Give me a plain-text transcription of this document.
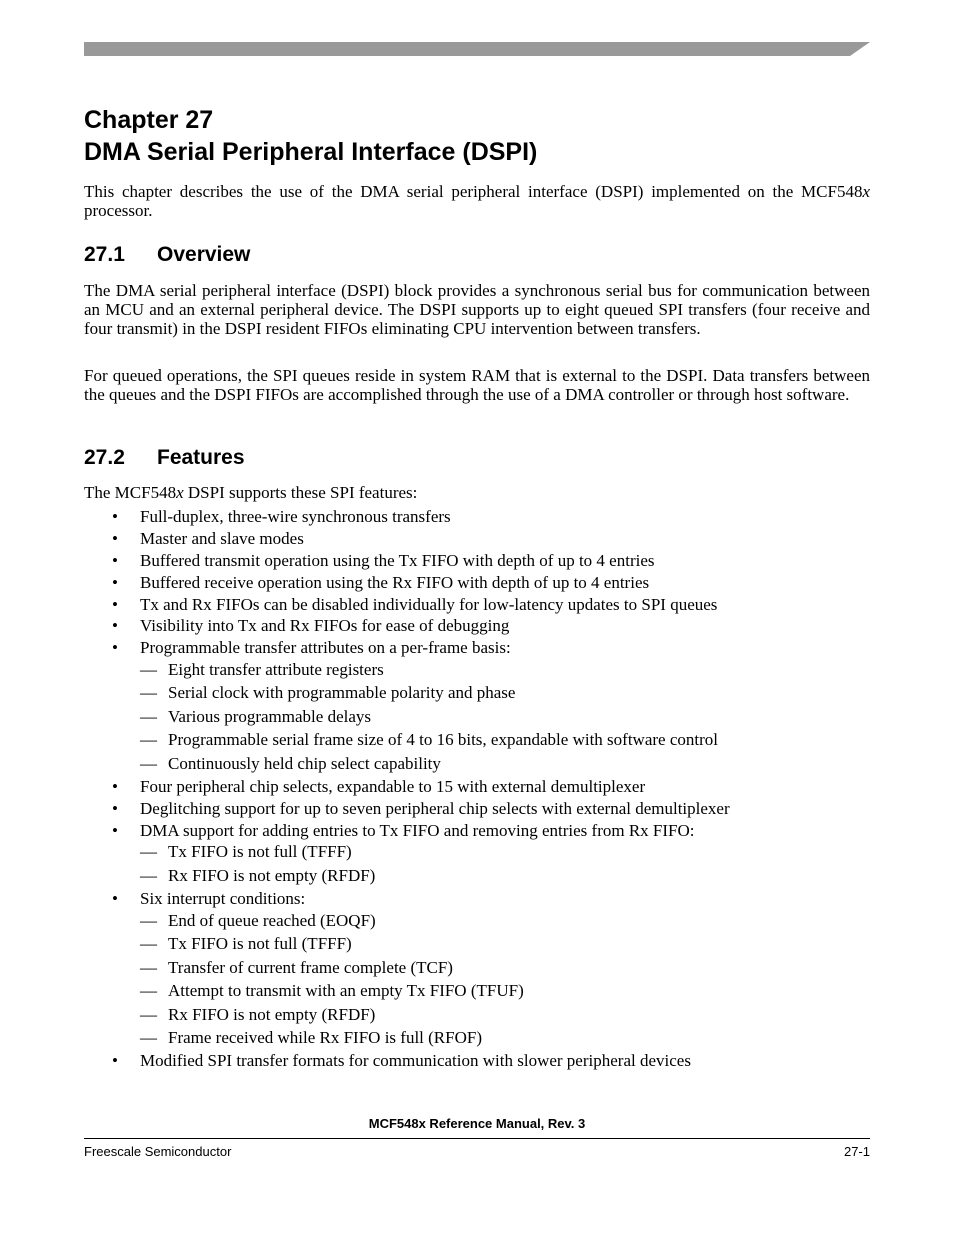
Chapter 27
DMA Serial Peripheral Interface (DSPI)

This chapter describes the use of the DMA serial peripheral interface (DSPI) implemented on the MCF548x processor.

27.1 Overview

The DMA serial peripheral interface (DSPI) block provides a synchronous serial bus for communication between an MCU and an external peripheral device. The DSPI supports up to eight queued SPI transfers (four receive and four transmit) in the DSPI resident FIFOs eliminating CPU intervention between transfers.

For queued operations, the SPI queues reside in system RAM that is external to the DSPI. Data transfers between the queues and the DSPI FIFOs are accomplished through the use of a DMA controller or through host software.

27.2 Features

The MCF548x DSPI supports these SPI features:

• Full-duplex, three-wire synchronous transfers
• Master and slave modes
• Buffered transmit operation using the Tx FIFO with depth of up to 4 entries
• Buffered receive operation using the Rx FIFO with depth of up to 4 entries
• Tx and Rx FIFOs can be disabled individually for low-latency updates to SPI queues
• Visibility into Tx and Rx FIFOs for ease of debugging
• Programmable transfer attributes on a per-frame basis:
— Eight transfer attribute registers
— Serial clock with programmable polarity and phase
— Various programmable delays
— Programmable serial frame size of 4 to 16 bits, expandable with software control
— Continuously held chip select capability
• Four peripheral chip selects, expandable to 15 with external demultiplexer
• Deglitching support for up to seven peripheral chip selects with external demultiplexer
• DMA support for adding entries to Tx FIFO and removing entries from Rx FIFO:
— Tx FIFO is not full (TFFF)
— Rx FIFO is not empty (RFDF)
• Six interrupt conditions:
— End of queue reached (EOQF)
— Tx FIFO is not full (TFFF)
— Transfer of current frame complete (TCF)
— Attempt to transmit with an empty Tx FIFO (TFUF)
— Rx FIFO is not empty (RFDF)
— Frame received while Rx FIFO is full (RFOF)
• Modified SPI transfer formats for communication with slower peripheral devices
MCF548x Reference Manual, Rev. 3
Freescale Semiconductor	27-1
